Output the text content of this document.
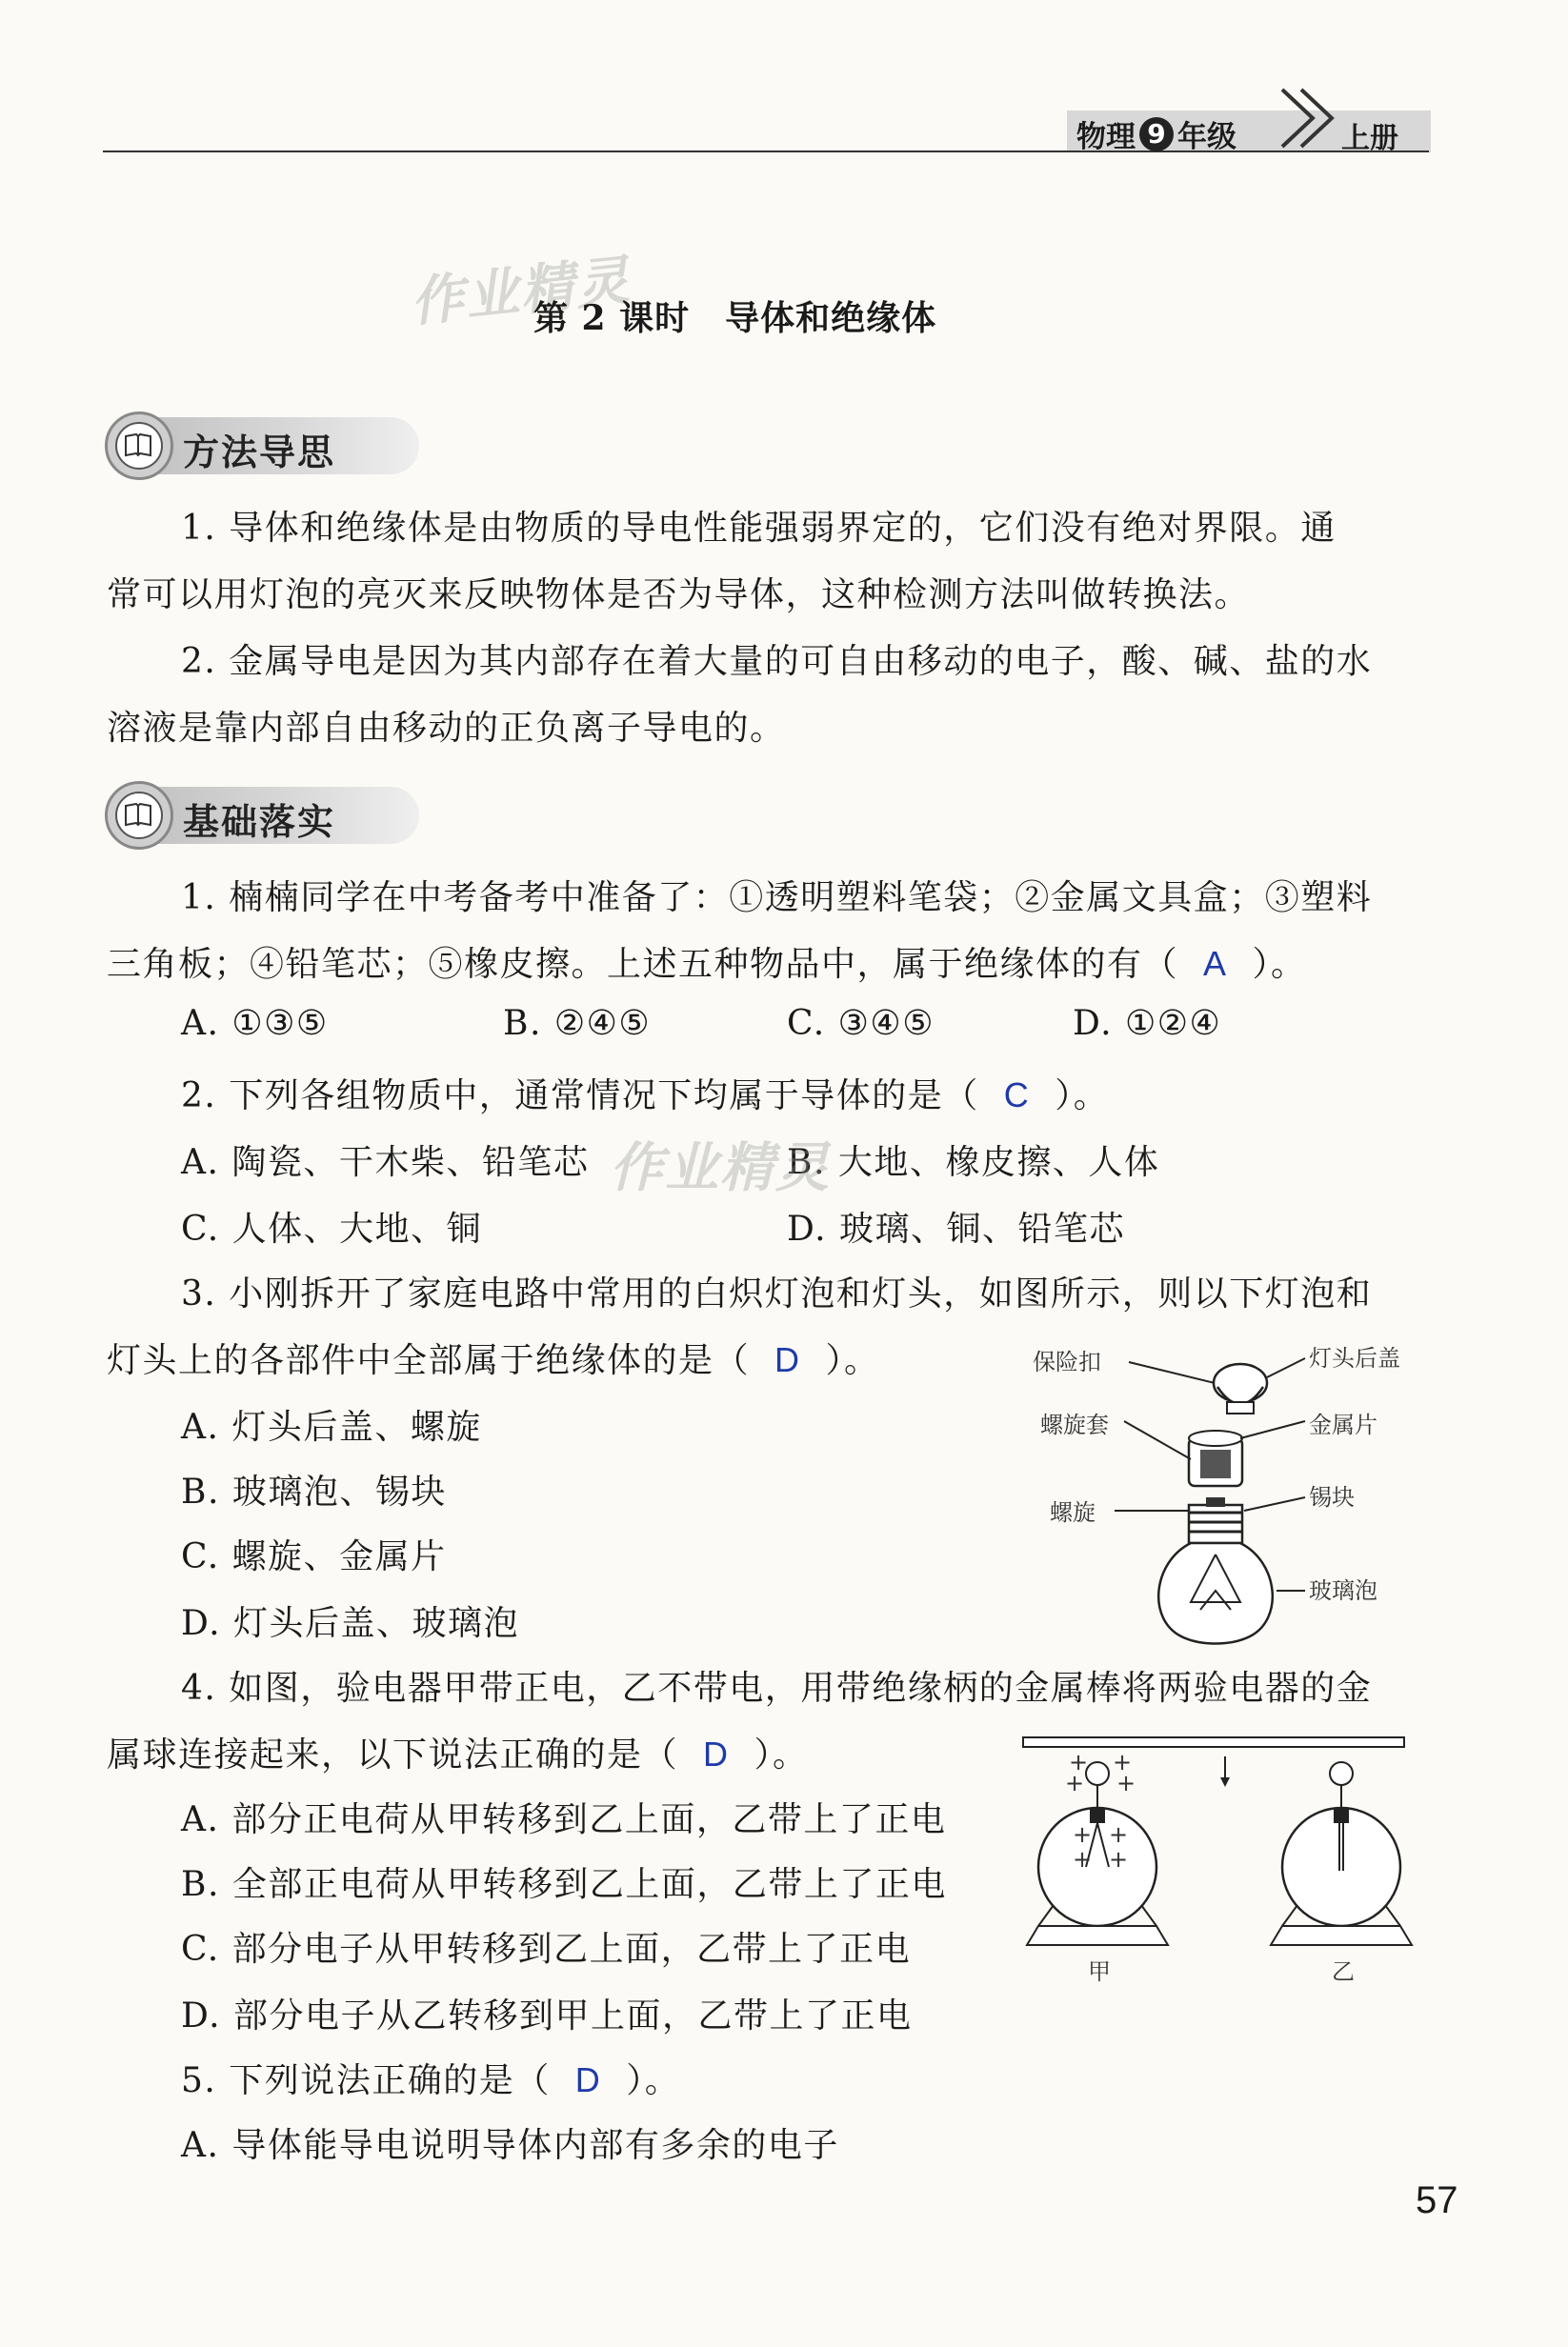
物理 9 年级	上册
作业精灵
第 2 课时　导体和绝缘体
方法导思
1. 导体和绝缘体是由物质的导电性能强弱界定的，它们没有绝对界限。通
常可以用灯泡的亮灭来反映物体是否为导体，这种检测方法叫做转换法。
2. 金属导电是因为其内部存在着大量的可自由移动的电子，酸、碱、盐的水
溶液是靠内部自由移动的正负离子导电的。
基础落实
1. 楠楠同学在中考备考中准备了：①透明塑料笔袋；②金属文具盒；③塑料
三角板；④铅笔芯；⑤橡皮擦。上述五种物品中，属于绝缘体的有（ A ）。
A. ①③⑤	B. ②④⑤	C. ③④⑤	D. ①②④
2. 下列各组物质中，通常情况下均属于导体的是（ C ）。
A. 陶瓷、干木柴、铅笔芯	B. 大地、橡皮擦、人体
C. 人体、大地、铜	D. 玻璃、铜、铅笔芯
作业精灵
3. 小刚拆开了家庭电路中常用的白炽灯泡和灯头，如图所示，则以下灯泡和
灯头上的各部件中全部属于绝缘体的是（ D ）。
A. 灯头后盖、螺旋
B. 玻璃泡、锡块
C. 螺旋、金属片
D. 灯头后盖、玻璃泡
保险扣	灯头后盖
螺旋套	金属片
锡块
螺旋
玻璃泡
4. 如图，验电器甲带正电，乙不带电，用带绝缘柄的金属棒将两验电器的金
属球连接起来，以下说法正确的是（ D ）。
A. 部分正电荷从甲转移到乙上面，乙带上了正电
B. 全部正电荷从甲转移到乙上面，乙带上了正电
C. 部分电子从甲转移到乙上面，乙带上了正电
D. 部分电子从乙转移到甲上面，乙带上了正电
+ +
+ +
+ +
+ +
甲	乙
5. 下列说法正确的是（ D ）。
A. 导体能导电说明导体内部有多余的电子
57
